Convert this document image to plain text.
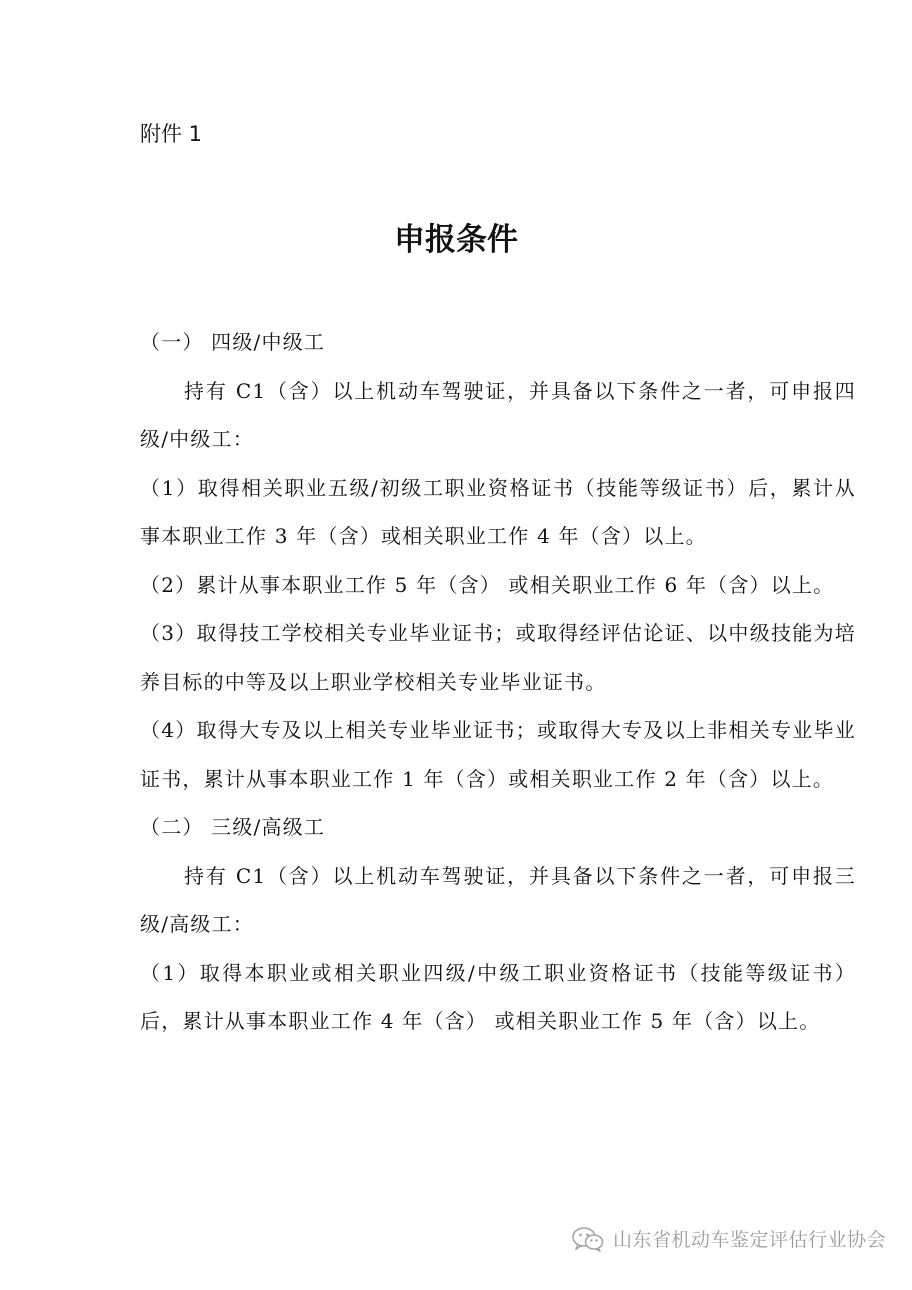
附件 1

申报条件

（一） 四级/中级工

持有 C1（含）以上机动车驾驶证，并具备以下条件之一者，可申报四级/中级工：

（1）取得相关职业五级/初级工职业资格证书（技能等级证书）后，累计从事本职业工作 3 年（含）或相关职业工作 4 年（含）以上。

（2）累计从事本职业工作 5 年（含） 或相关职业工作 6 年（含）以上。

（3）取得技工学校相关专业毕业证书；或取得经评估论证、以中级技能为培养目标的中等及以上职业学校相关专业毕业证书。

（4）取得大专及以上相关专业毕业证书；或取得大专及以上非相关专业毕业证书，累计从事本职业工作 1 年（含）或相关职业工作 2 年（含）以上。

（二） 三级/高级工

持有 C1（含）以上机动车驾驶证，并具备以下条件之一者，可申报三级/高级工：

（1）取得本职业或相关职业四级/中级工职业资格证书（技能等级证书）后，累计从事本职业工作 4 年（含） 或相关职业工作 5 年（含）以上。

山东省机动车鉴定评估行业协会
